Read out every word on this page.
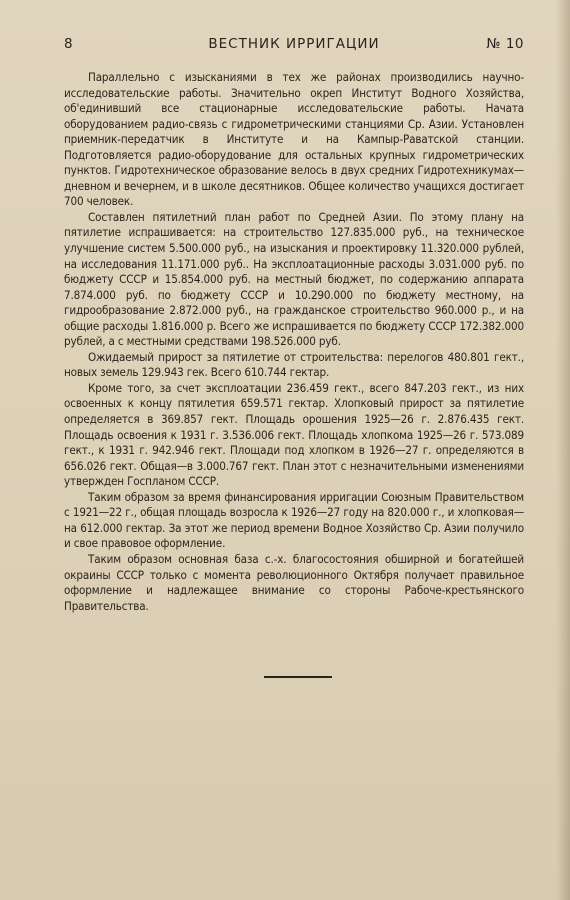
8	ВЕСТНИК ИРРИГАЦИИ	№ 10

Параллельно с изысканиями в тех же районах производились научно-исследовательские работы. Значительно окреп Институт Водного Хозяйства, об'единивший все стационарные исследовательские работы. Начата оборудованием радио-связь с гидрометрическими станциями Ср. Азии. Установлен приемник-передатчик в Институте и на Кампыр-Раватской станции. Подготовляется радио-оборудование для остальных крупных гидрометрических пунктов. Гидротехническое образование велось в двух средних Гидротехникумах—дневном и вечернем, и в школе десятников. Общее количество учащихся достигает 700 человек.

Составлен пятилетний план работ по Средней Азии. По этому плану на пятилетие испрашивается: на строительство 127.835.000 руб., на техническое улучшение систем 5.500.000 руб., на изыскания и проектировку 11.320.000 рублей, на исследования 11.171.000 руб.. На эксплоатационные расходы 3.031.000 руб. по бюджету СССР и 15.854.000 руб. на местный бюджет, по содержанию аппарата 7.874.000 руб. по бюджету СССР и 10.290.000 по бюджету местному, на гидрообразование 2.872.000 руб., на гражданское строительство 960.000 р., и на общие расходы 1.816.000 р. Всего же испрашивается по бюджету СССР 172.382.000 рублей, а с местными средствами 198.526.000 руб.

Ожидаемый прирост за пятилетие от строительства: перелогов 480.801 гект., новых земель 129.943 гек. Всего 610.744 гектар.

Кроме того, за счет эксплоатации 236.459 гект., всего 847.203 гект., из них освоенных к концу пятилетия 659.571 гектар. Хлопковый прирост за пятилетие определяется в 369.857 гект. Площадь орошения 1925—26 г. 2.876.435 гект. Площадь освоения к 1931 г. 3.536.006 гект. Площадь хлопкома 1925—26 г. 573.089 гект., к 1931 г. 942.946 гект. Площади под хлопком в 1926—27 г. определяются в 656.026 гект. Общая—в 3.000.767 гект. План этот с незначительными изменениями утвержден Госпланом СССР.

Таким образом за время финансирования ирригации Союзным Правительством с 1921—22 г., общая площадь возросла к 1926—27 году на 820.000 г., и хлопковая—на 612.000 гектар. За этот же период времени Водное Хозяйство Ср. Азии получило и свое правовое оформление.

Таким образом основная база с.-х. благосостояния обширной и богатейшей окраины СССР только с момента революционного Октября получает правильное оформление и надлежащее внимание со стороны Рабоче-крестьянского Правительства.
